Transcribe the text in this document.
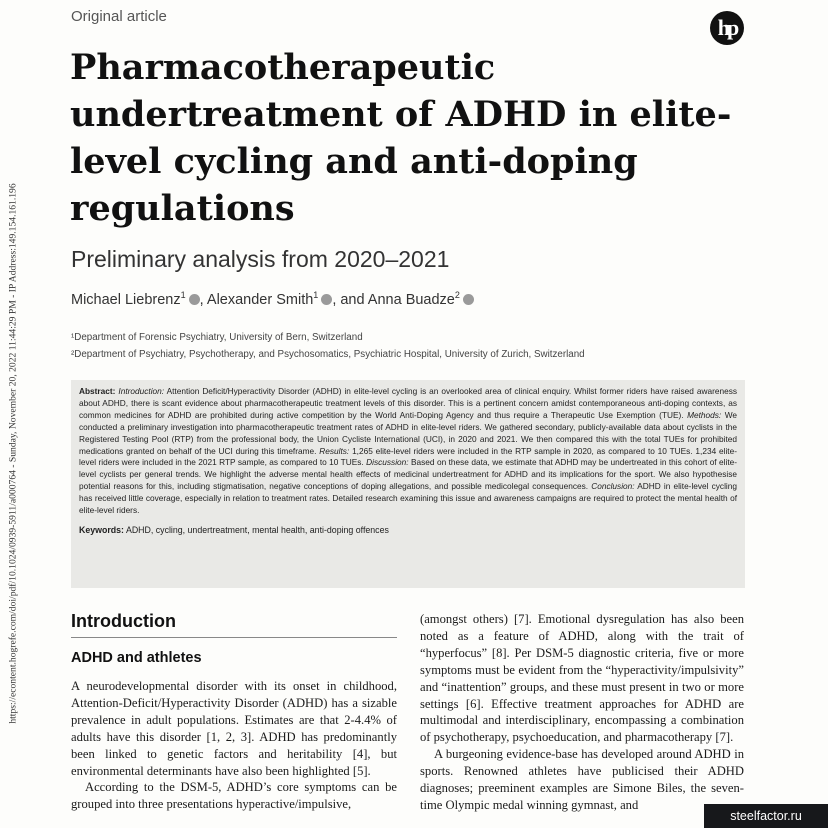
https://econtent.hogrefe.com/doi/pdf/10.1024/0939-5911/a000764 - Sunday, November 20, 2022 11:44:29 PM - IP Address:149.154.161.196
Original article	hp
Pharmacotherapeutic undertreatment of ADHD in elite-level cycling and anti-doping regulations
Preliminary analysis from 2020–2021
Michael Liebrenz$^1$ , Alexander Smith$^1$ , and Anna Buadze$^2$
¹Department of Forensic Psychiatry, University of Bern, Switzerland
²Department of Psychiatry, Psychotherapy, and Psychosomatics, Psychiatric Hospital, University of Zurich, Switzerland

Abstract: Introduction: Attention Deficit/Hyperactivity Disorder (ADHD) in elite-level cycling is an overlooked area of clinical enquiry. Whilst former riders have raised awareness about ADHD, there is scant evidence about pharmacotherapeutic treatment levels of this disorder. This is a pertinent concern amidst contemporaneous anti-doping contexts, as common medicines for ADHD are prohibited during active competition by the World Anti-Doping Agency and thus require a Therapeutic Use Exemption (TUE). Methods: We conducted a preliminary investigation into pharmacotherapeutic treatment rates of ADHD in elite-level riders. We gathered secondary, publicly-available data about cyclists in the Registered Testing Pool (RTP) from the professional body, the Union Cycliste International (UCI), in 2020 and 2021. We then compared this with the total TUEs for prohibited medications granted on behalf of the UCI during this timeframe. Results: 1,265 elite-level riders were included in the RTP sample in 2020, as compared to 10 TUEs. 1,234 elite-level riders were included in the 2021 RTP sample, as compared to 10 TUEs. Discussion: Based on these data, we estimate that ADHD may be undertreated in this cohort of elite-level cyclists per general trends. We highlight the adverse mental health effects of medicinal undertreatment for ADHD and its implications for the sport. We also hypothesise potential reasons for this, including stigmatisation, negative conceptions of doping allegations, and possible medicolegal consequences. Conclusion: ADHD in elite-level cycling has received little coverage, especially in relation to treatment rates. Detailed research examining this issue and awareness campaigns are required to protect the mental health of elite-level riders.

Keywords: ADHD, cycling, undertreatment, mental health, anti-doping offences

Introduction
ADHD and athletes

A neurodevelopmental disorder with its onset in childhood, Attention-Deficit/Hyperactivity Disorder (ADHD) has a sizable prevalence in adult populations. Estimates are that 2-4.4% of adults have this disorder [1, 2, 3]. ADHD has predominantly been linked to genetic factors and heritability [4], but environmental determinants have also been highlighted [5].

According to the DSM-5, ADHD’s core symptoms can be grouped into three presentations hyperactive/impulsive,

(amongst others) [7]. Emotional dysregulation has also been noted as a feature of ADHD, along with the trait of “hyperfocus” [8]. Per DSM-5 diagnostic criteria, five or more symptoms must be evident from the “hyperactivity/impulsivity” and “inattention” groups, and these must present in two or more settings [6]. Effective treatment approaches for ADHD are multimodal and interdisciplinary, encompassing a combination of psychotherapy, psychoeducation, and pharmacotherapy [7].

A burgeoning evidence-base has developed around ADHD in sports. Renowned athletes have publicised their ADHD diagnoses; preeminent examples are Simone Biles, the seven-time Olympic medal winning gymnast, and

steelfactor.ru
